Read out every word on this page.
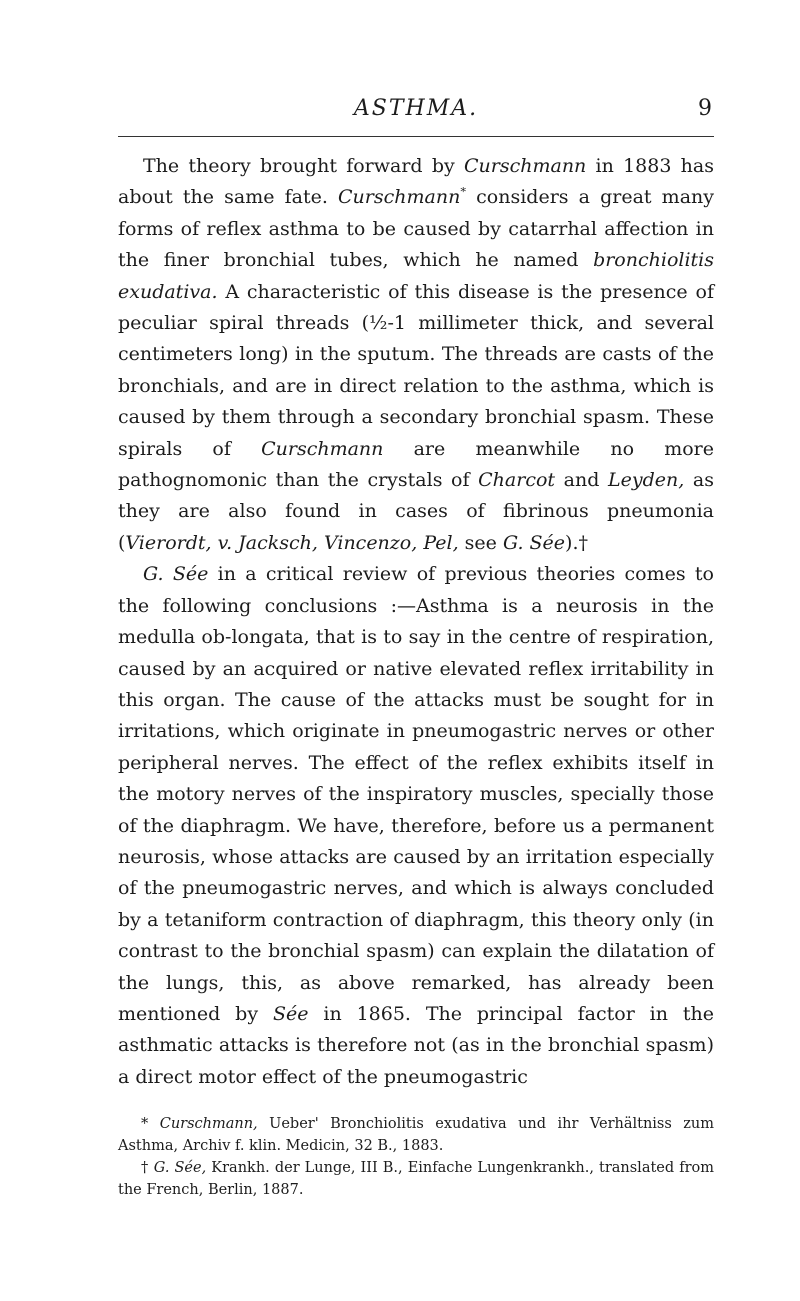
ASTHMA.	9

The theory brought forward by Curschmann in 1883 has about the same fate. Curschmann* considers a great many forms of reflex asthma to be caused by catarrhal affection in the finer bronchial tubes, which he named bronchiolitis exudativa. A characteristic of this disease is the presence of peculiar spiral threads (½-1 millimeter thick, and several centimeters long) in the sputum. The threads are casts of the bronchials, and are in direct relation to the asthma, which is caused by them through a secondary bronchial spasm. These spirals of Curschmann are meanwhile no more pathognomonic than the crystals of Charcot and Leyden, as they are also found in cases of fibrinous pneumonia (Vierordt, v. Jacksch, Vincenzo, Pel, see G. Sée).†

G. Sée in a critical review of previous theories comes to the following conclusions :—Asthma is a neurosis in the medulla ob-longata, that is to say in the centre of respiration, caused by an acquired or native elevated reflex irritability in this organ. The cause of the attacks must be sought for in irritations, which originate in pneumogastric nerves or other peripheral nerves. The effect of the reflex exhibits itself in the motory nerves of the inspiratory muscles, specially those of the diaphragm. We have, therefore, before us a permanent neurosis, whose attacks are caused by an irritation especially of the pneumogastric nerves, and which is always concluded by a tetaniform contraction of diaphragm, this theory only (in contrast to the bronchial spasm) can explain the dilatation of the lungs, this, as above remarked, has already been mentioned by Sée in 1865. The principal factor in the asthmatic attacks is therefore not (as in the bronchial spasm) a direct motor effect of the pneumogastric

* Curschmann, Ueber' Bronchiolitis exudativa und ihr Verhältniss zum Asthma, Archiv f. klin. Medicin, 32 B., 1883.

† G. Sée, Krankh. der Lunge, III B., Einfache Lungenkrankh., translated from the French, Berlin, 1887.
